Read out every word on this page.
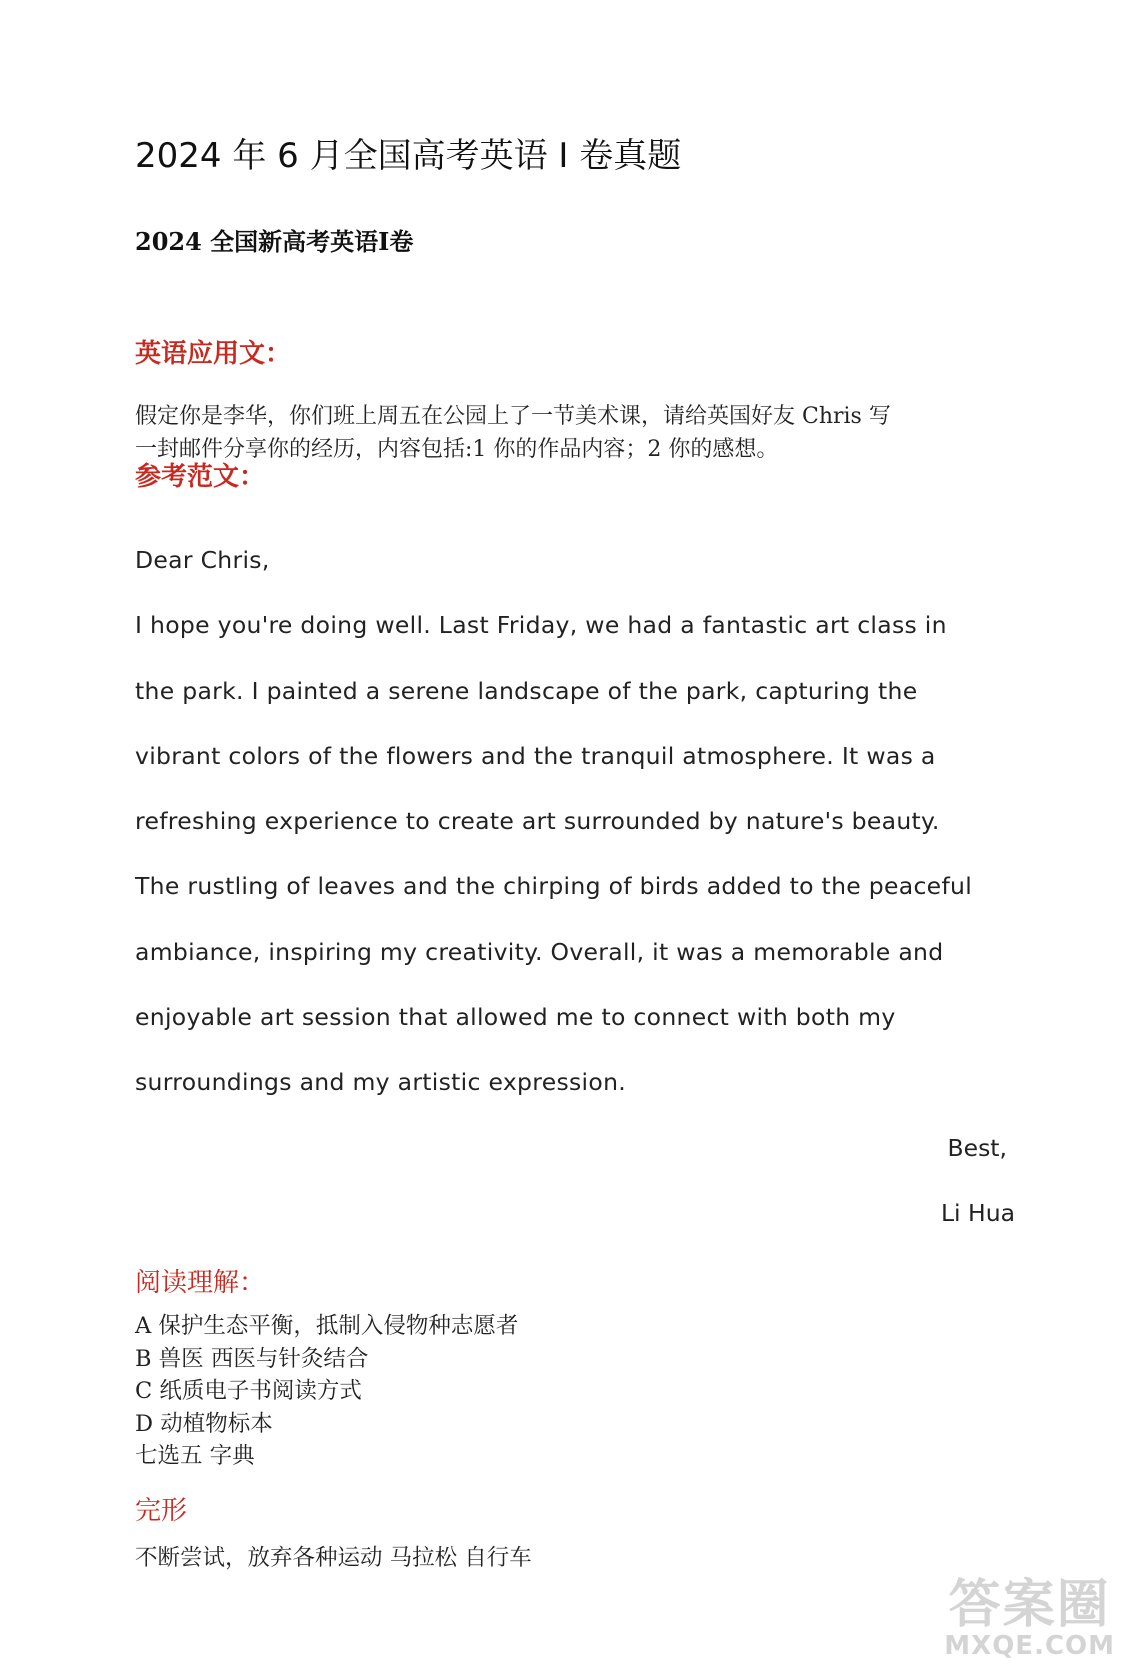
2024 年 6 月全国高考英语 I 卷真题
2024 全国新高考英语Ⅰ卷
英语应用文：
假定你是李华，你们班上周五在公园上了一节美术课，请给英国好友 Chris 写
一封邮件分享你的经历，内容包括:1 你的作品内容；2 你的感想。
参考范文：
Dear Chris,
I hope you're doing well. Last Friday, we had a fantastic art class in
the park. I painted a serene landscape of the park, capturing the
vibrant colors of the flowers and the tranquil atmosphere. It was a
refreshing experience to create art surrounded by nature's beauty.
The rustling of leaves and the chirping of birds added to the peaceful
ambiance, inspiring my creativity. Overall, it was a memorable and
enjoyable art session that allowed me to connect with both my
surroundings and my artistic expression.
Best,
Li Hua
阅读理解：
A 保护生态平衡，抵制入侵物种志愿者
B 兽医 西医与针灸结合
C 纸质电子书阅读方式
D 动植物标本
七选五 字典
完形
不断尝试，放弃各种运动 马拉松 自行车
答案圈
MXQE.COM
